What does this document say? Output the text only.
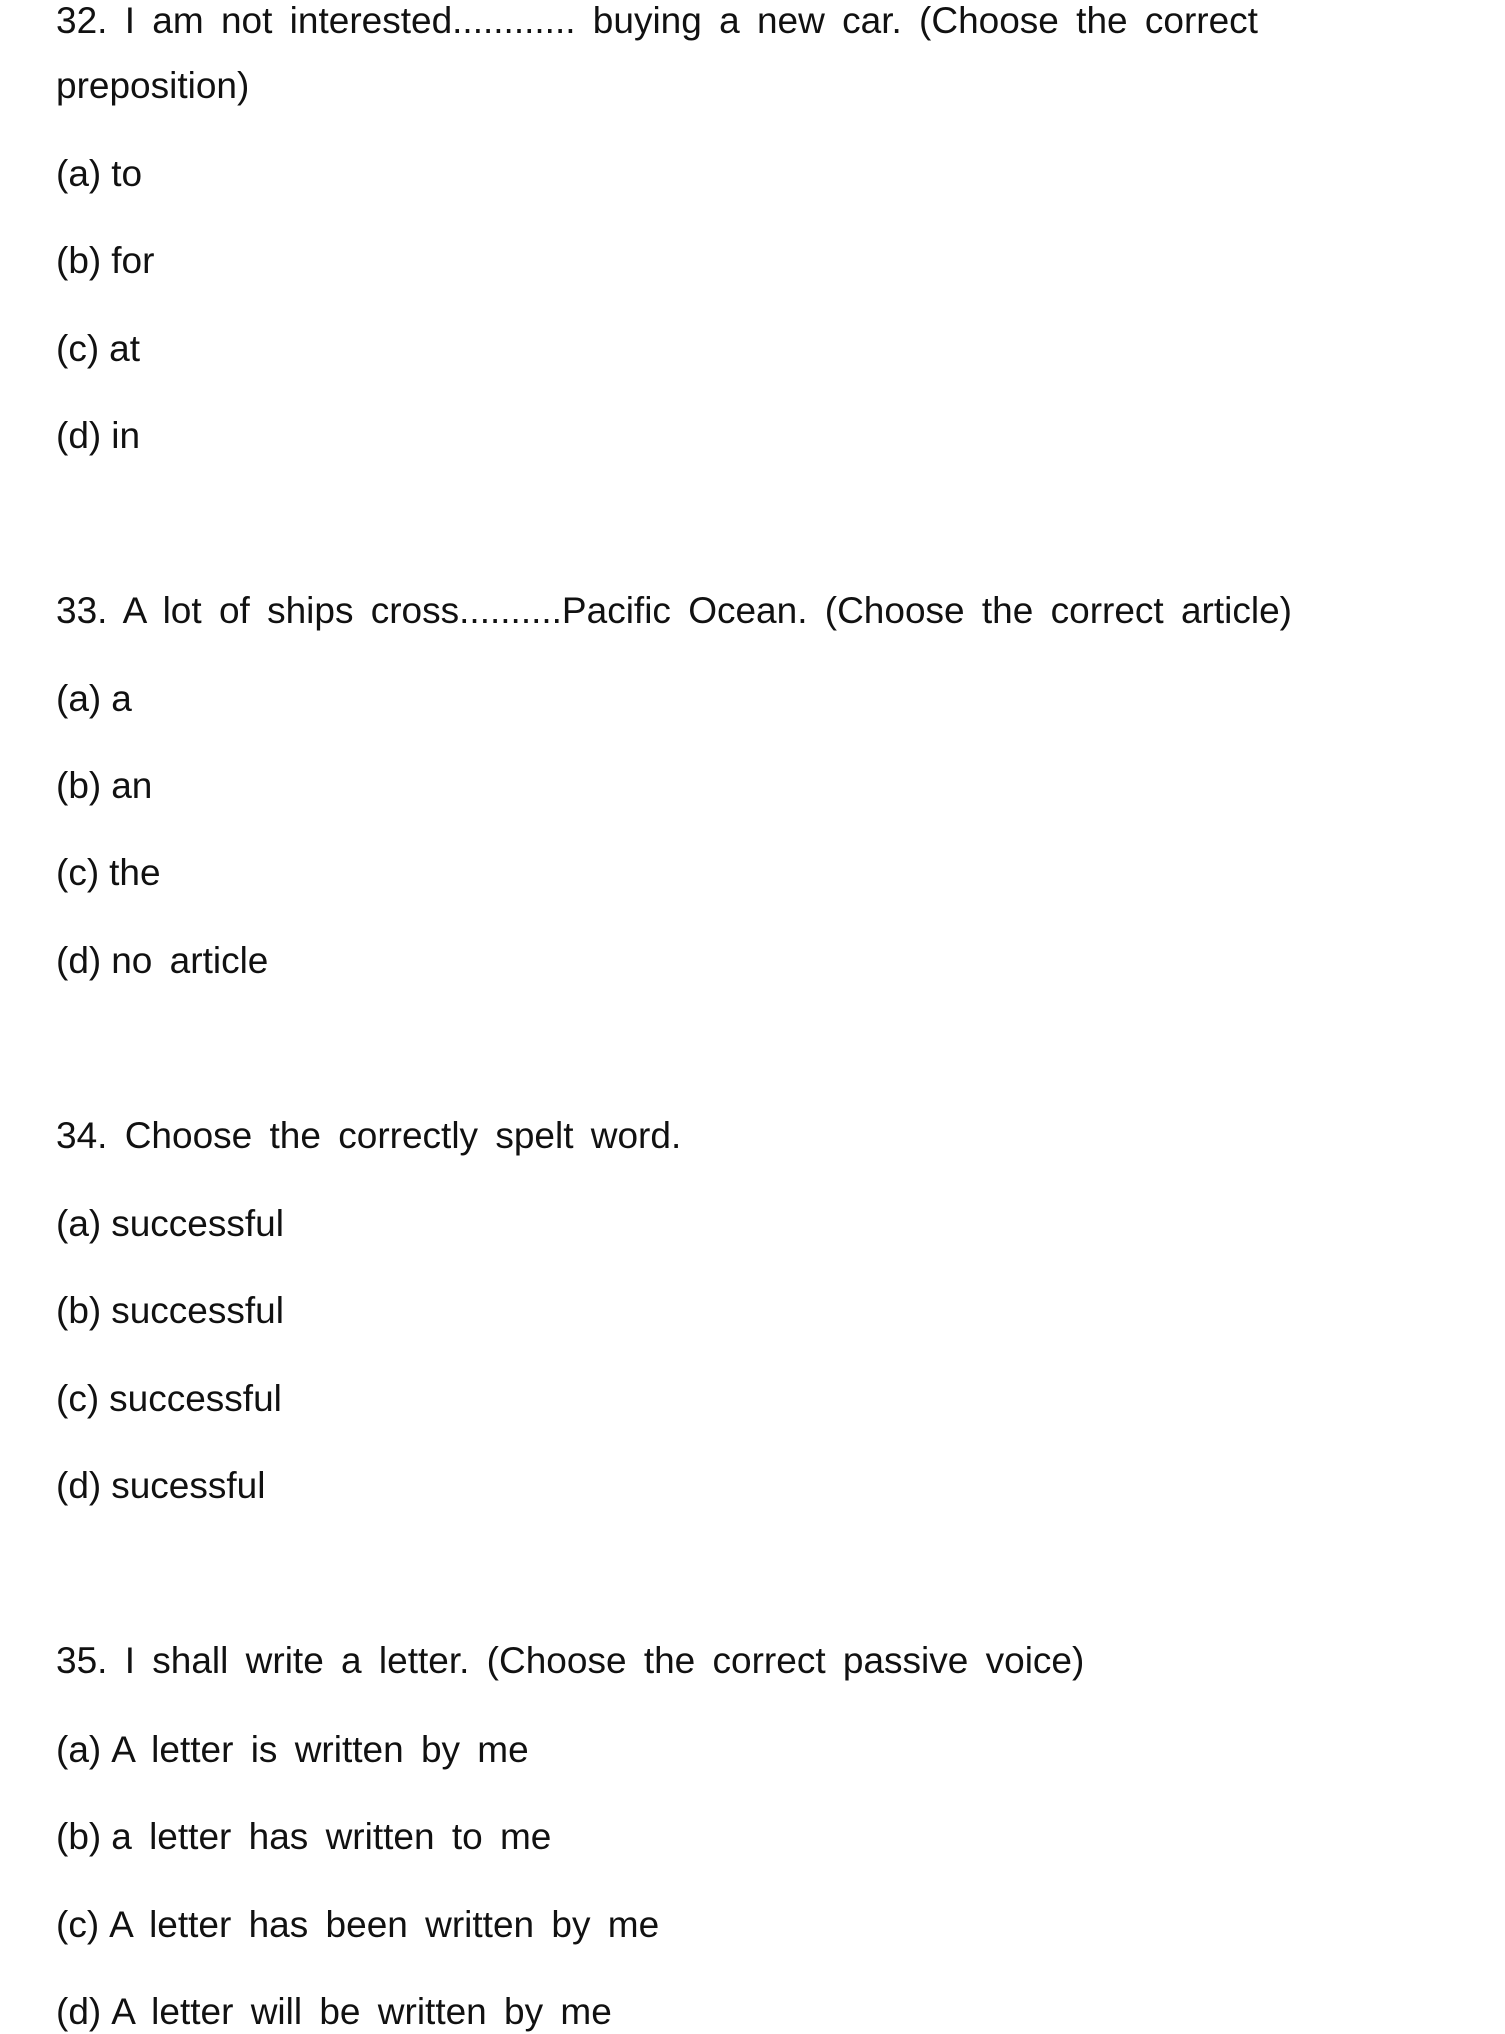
32. I am not interested............ buying a new car. (Choose the correct
preposition)
(a) to
(b) for
(c) at
(d) in
33. A lot of ships cross..........Pacific Ocean. (Choose the correct article)
(a) a
(b) an
(c) the
(d) no article
34. Choose the correctly spelt word.
(a) successful
(b) successful
(c) successful
(d) sucessful
35. I shall write a letter. (Choose the correct passive voice)
(a) A letter is written by me
(b) a letter has written to me
(c) A letter has been written by me
(d) A letter will be written by me
